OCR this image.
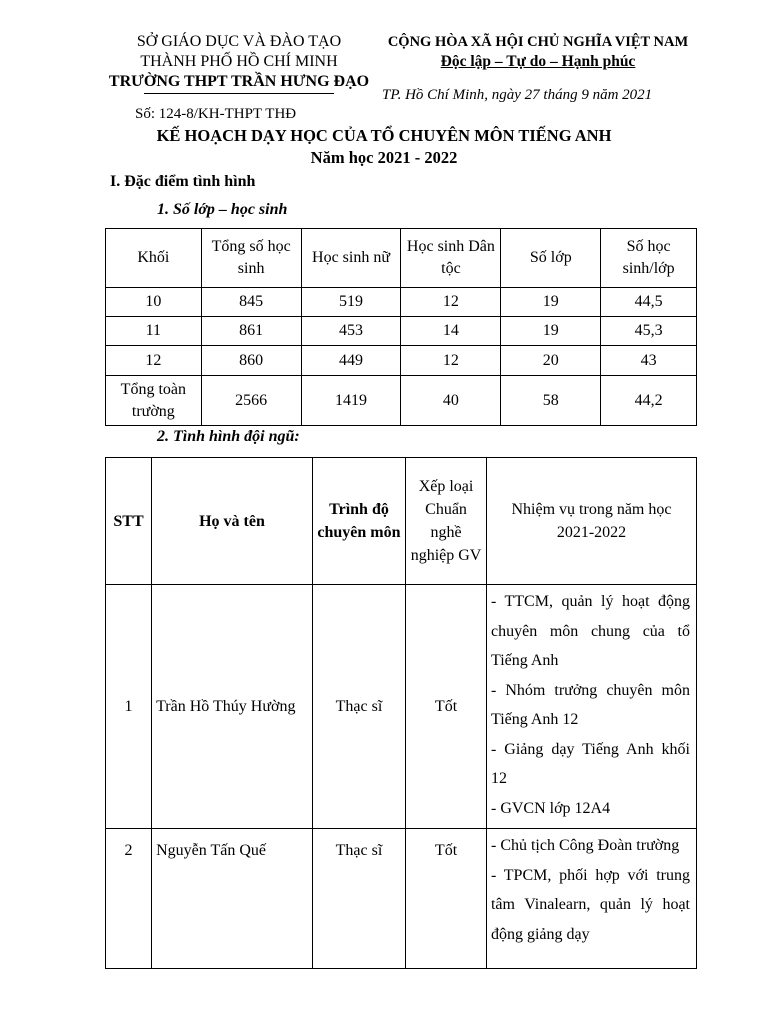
SỞ GIÁO DỤC VÀ ĐÀO TẠO
THÀNH PHỐ HỒ CHÍ MINH
TRƯỜNG THPT TRẦN HƯNG ĐẠO
CỘNG HÒA XÃ HỘI CHỦ NGHĨA VIỆT NAM
Độc lập – Tự do – Hạnh phúc
TP. Hồ Chí Minh, ngày 27 tháng 9 năm 2021
Số: 124-8/KH-THPT THĐ
KẾ HOẠCH DẠY HỌC CỦA TỔ CHUYÊN MÔN TIẾNG ANH
Năm học 2021 - 2022
I. Đặc điểm tình hình
1. Số lớp – học sinh
Khối	Tổng số học sinh	Học sinh nữ	Học sinh Dân tộc	Số lớp	Số học sinh/lớp
10	845	519	12	19	44,5
11	861	453	14	19	45,3
12	860	449	12	20	43
Tổng toàn trường	2566	1419	40	58	44,2
2. Tình hình đội ngũ:
STT	Họ và tên	Trình độ chuyên môn	Xếp loại Chuẩn nghề nghiệp GV	Nhiệm vụ trong năm học 2021-2022
1	Trần Hồ Thúy Hường	Thạc sĩ	Tốt	- TTCM, quản lý hoạt động chuyên môn chung của tổ Tiếng Anh
- Nhóm trưởng chuyên môn Tiếng Anh 12
- Giảng dạy Tiếng Anh khối 12
- GVCN lớp 12A4

2	Nguyễn Tấn Quế	Thạc sĩ	Tốt	- Chủ tịch Công Đoàn trường
- TPCM, phối hợp với trung tâm Vinalearn, quản lý hoạt động giảng dạy
